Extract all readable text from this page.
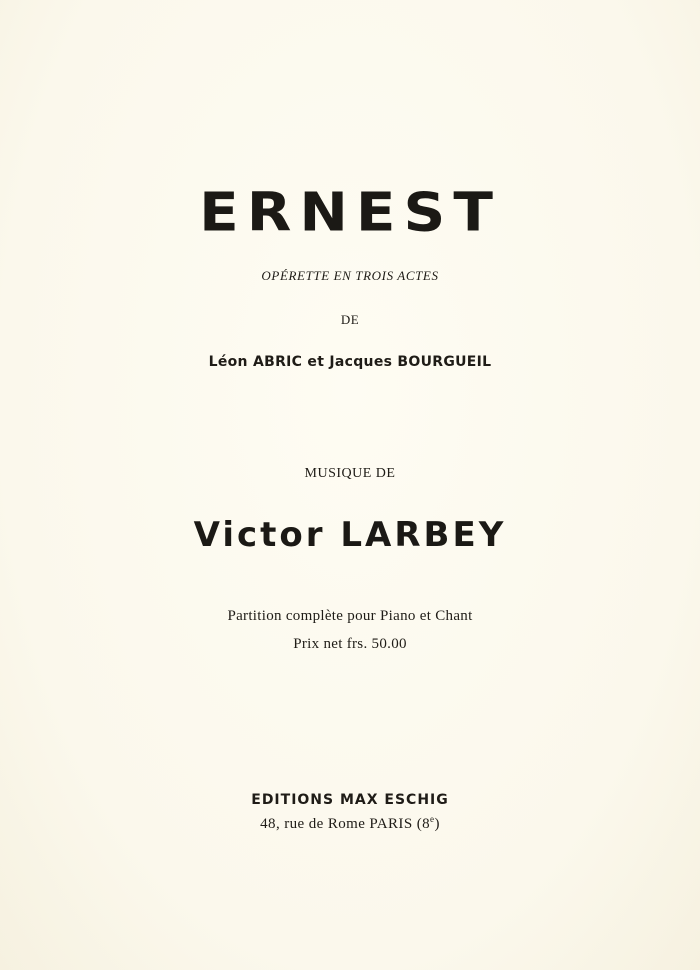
ERNEST
OPÉRETTE EN TROIS ACTES
DE
Léon ABRIC et Jacques BOURGUEIL
MUSIQUE DE
Victor LARBEY
Partition complète pour Piano et Chant
Prix net frs. 50.00
EDITIONS MAX ESCHIG
48, rue de Rome PARIS (8e)
